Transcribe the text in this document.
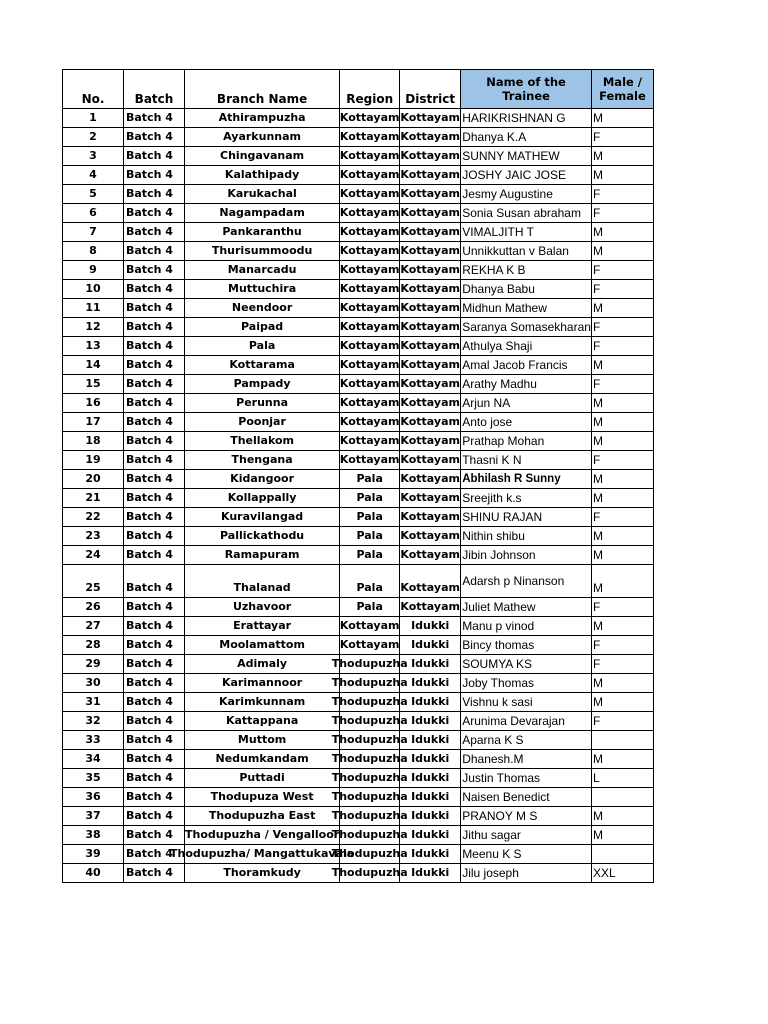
No.	Batch	Branch Name	Region	District	Name of the Trainee	Male / Female
1	Batch 4	Athirampuzha	Kottayam	Kottayam	HARIKRISHNAN G	M
2	Batch 4	Ayarkunnam	Kottayam	Kottayam	Dhanya K.A	F
3	Batch 4	Chingavanam	Kottayam	Kottayam	SUNNY MATHEW	M
4	Batch 4	Kalathipady	Kottayam	Kottayam	JOSHY JAIC JOSE	M
5	Batch 4	Karukachal	Kottayam	Kottayam	Jesmy Augustine	F
6	Batch 4	Nagampadam	Kottayam	Kottayam	Sonia Susan abraham	F
7	Batch 4	Pankaranthu	Kottayam	Kottayam	VIMALJITH T	M
8	Batch 4	Thurisummoodu	Kottayam	Kottayam	Unnikkuttan v Balan	M
9	Batch 4	Manarcadu	Kottayam	Kottayam	REKHA K B	F
10	Batch 4	Muttuchira	Kottayam	Kottayam	Dhanya Babu	F
11	Batch 4	Neendoor	Kottayam	Kottayam	Midhun Mathew	M
12	Batch 4	Paipad	Kottayam	Kottayam	Saranya Somasekharan	F
13	Batch 4	Pala	Kottayam	Kottayam	Athulya Shaji	F
14	Batch 4	Kottarama	Kottayam	Kottayam	Amal Jacob Francis	M
15	Batch 4	Pampady	Kottayam	Kottayam	Arathy Madhu	F
16	Batch 4	Perunna	Kottayam	Kottayam	Arjun NA	M
17	Batch 4	Poonjar	Kottayam	Kottayam	Anto jose	M
18	Batch 4	Thellakom	Kottayam	Kottayam	Prathap Mohan	M
19	Batch 4	Thengana	Kottayam	Kottayam	Thasni K N	F
20	Batch 4	Kidangoor	Pala	Kottayam	Abhilash R Sunny	M
21	Batch 4	Kollappally	Pala	Kottayam	Sreejith k.s	M
22	Batch 4	Kuravilangad	Pala	Kottayam	SHINU RAJAN	F
23	Batch 4	Pallickathodu	Pala	Kottayam	Nithin shibu	M
24	Batch 4	Ramapuram	Pala	Kottayam	Jibin Johnson	M
25	Batch 4	Thalanad	Pala	Kottayam	Adarsh p Ninanson	M
26	Batch 4	Uzhavoor	Pala	Kottayam	Juliet Mathew	F
27	Batch 4	Erattayar	Kottayam	Idukki	Manu p vinod	M
28	Batch 4	Moolamattom	Kottayam	Idukki	Bincy thomas	F
29	Batch 4	Adimaly	Thodupuzha	Idukki	SOUMYA KS	F
30	Batch 4	Karimannoor	Thodupuzha	Idukki	Joby Thomas	M
31	Batch 4	Karimkunnam	Thodupuzha	Idukki	Vishnu k sasi	M
32	Batch 4	Kattappana	Thodupuzha	Idukki	Arunima Devarajan	F
33	Batch 4	Muttom	Thodupuzha	Idukki	Aparna K S	
34	Batch 4	Nedumkandam	Thodupuzha	Idukki	Dhanesh.M	M
35	Batch 4	Puttadi	Thodupuzha	Idukki	Justin Thomas	L
36	Batch 4	Thodupuza West	Thodupuzha	Idukki	Naisen Benedict	
37	Batch 4	Thodupuzha East	Thodupuzha	Idukki	PRANOY M S	M
38	Batch 4	Thodupuzha / Vengalloor	Thodupuzha	Idukki	Jithu sagar	M
39	Batch 4	Thodupuzha/ Mangattukavala	Thodupuzha	Idukki	Meenu K S	
40	Batch 4	Thoramkudy	Thodupuzha	Idukki	Jilu joseph	XXL
